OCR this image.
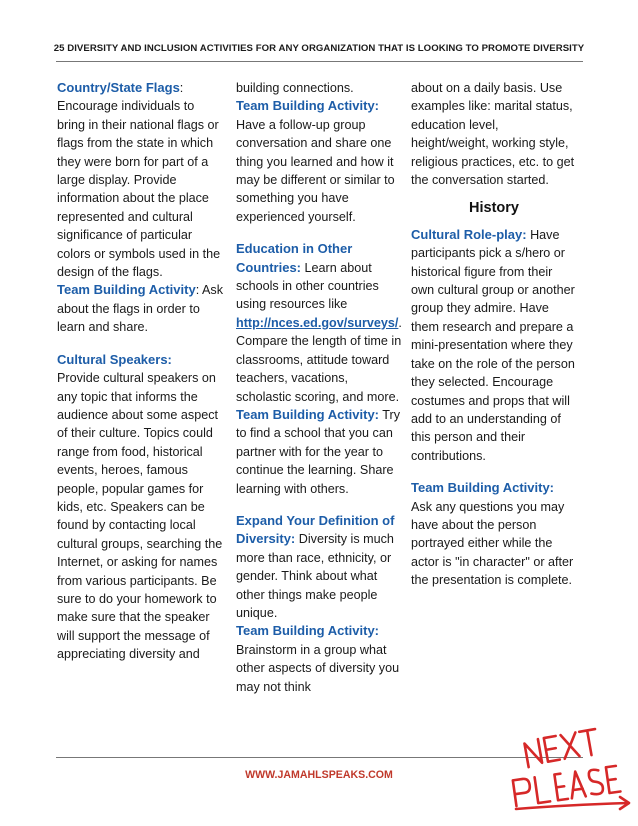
25 DIVERSITY AND INCLUSION ACTIVITIES FOR ANY ORGANIZATION THAT IS LOOKING TO PROMOTE DIVERSITY

Country/State Flags: Encourage individuals to bring in their national flags or flags from the state in which they were born for part of a large display. Provide information about the place represented and cultural significance of particular colors or symbols used in the design of the flags.

Team Building Activity: Ask about the flags in order to learn and share.

Cultural Speakers:
Provide cultural speakers on any topic that informs the audience about some aspect of their culture. Topics could range from food, historical events, heroes, famous people, popular games for kids, etc. Speakers can be found by contacting local cultural groups, searching the Internet, or asking for names from various participants. Be sure to do your homework to make sure that the speaker will support the message of appreciating diversity and

building connections.

Team Building Activity: Have a follow-up group conversation and share one thing you learned and how it may be different or similar to something you have experienced yourself.

Education in Other Countries: Learn about schools in other countries using resources like http://nces.ed.gov/surveys/. Compare the length of time in classrooms, attitude toward teachers, vacations, scholastic scoring, and more.

Team Building Activity: Try to find a school that you can partner with for the year to continue the learning. Share learning with others.

Expand Your Definition of Diversity: Diversity is much more than race, ethnicity, or gender. Think about what other things make people unique.

Team Building Activity: Brainstorm in a group what other aspects of diversity you may not think

about on a daily basis. Use examples like: marital status, education level, height/weight, working style, religious practices, etc. to get the conversation started.

History

Cultural Role-play: Have participants pick a s/hero or historical figure from their own cultural group or another group they admire. Have them research and prepare a mini-presentation where they take on the role of the person they selected. Encourage costumes and props that will add to an understanding of this person and their contributions.

Team Building Activity: Ask any questions you may have about the person portrayed either while the actor is "in character" or after the presentation is complete.

WWW.JAMAHLSPEAKS.COM
